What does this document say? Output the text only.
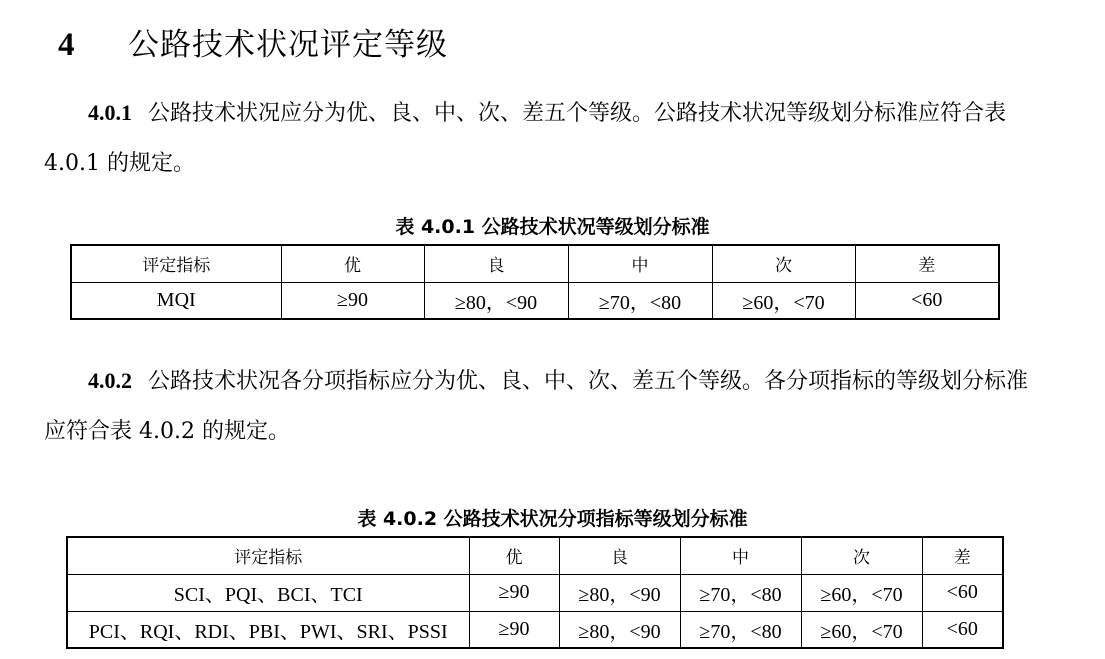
4	公路技术状况评定等级

4.0.1 公路技术状况应分为优、良、中、次、差五个等级。公路技术状况等级划分标准应符合表 4.0.1 的规定。

表 4.0.1 公路技术状况等级划分标准
评定指标	优	良	中	次	差
MQI	≥90	≥80，<90	≥70，<80	≥60，<70	<60

4.0.2 公路技术状况各分项指标应分为优、良、中、次、差五个等级。各分项指标的等级划分标准应符合表 4.0.2 的规定。

表 4.0.2 公路技术状况分项指标等级划分标准
评定指标	优	良	中	次	差
SCI、PQI、BCI、TCI	≥90	≥80，<90	≥70，<80	≥60，<70	<60
PCI、RQI、RDI、PBI、PWI、SRI、PSSI	≥90	≥80，<90	≥70，<80	≥60，<70	<60
